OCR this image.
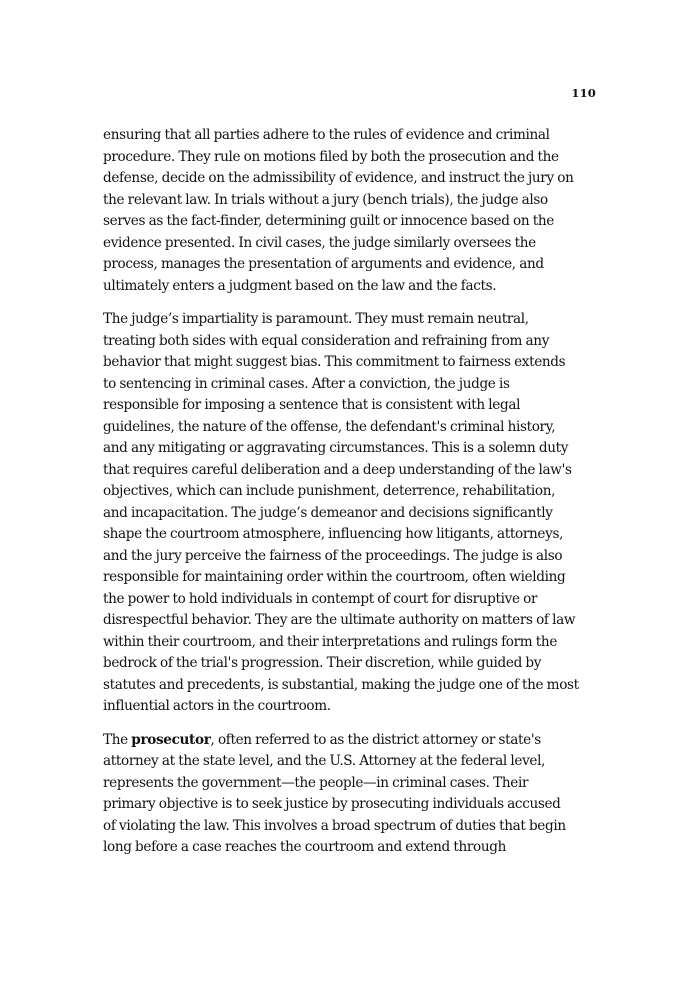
110

ensuring that all parties adhere to the rules of evidence and criminal
procedure. They rule on motions filed by both the prosecution and the
defense, decide on the admissibility of evidence, and instruct the jury on
the relevant law. In trials without a jury (bench trials), the judge also
serves as the fact-finder, determining guilt or innocence based on the
evidence presented. In civil cases, the judge similarly oversees the
process, manages the presentation of arguments and evidence, and
ultimately enters a judgment based on the law and the facts.

The judge’s impartiality is paramount. They must remain neutral,
treating both sides with equal consideration and refraining from any
behavior that might suggest bias. This commitment to fairness extends
to sentencing in criminal cases. After a conviction, the judge is
responsible for imposing a sentence that is consistent with legal
guidelines, the nature of the offense, the defendant's criminal history,
and any mitigating or aggravating circumstances. This is a solemn duty
that requires careful deliberation and a deep understanding of the law's
objectives, which can include punishment, deterrence, rehabilitation,
and incapacitation. The judge’s demeanor and decisions significantly
shape the courtroom atmosphere, influencing how litigants, attorneys,
and the jury perceive the fairness of the proceedings. The judge is also
responsible for maintaining order within the courtroom, often wielding
the power to hold individuals in contempt of court for disruptive or
disrespectful behavior. They are the ultimate authority on matters of law
within their courtroom, and their interpretations and rulings form the
bedrock of the trial's progression. Their discretion, while guided by
statutes and precedents, is substantial, making the judge one of the most
influential actors in the courtroom.

The prosecutor, often referred to as the district attorney or state's
attorney at the state level, and the U.S. Attorney at the federal level,
represents the government—the people—in criminal cases. Their
primary objective is to seek justice by prosecuting individuals accused
of violating the law. This involves a broad spectrum of duties that begin
long before a case reaches the courtroom and extend through
